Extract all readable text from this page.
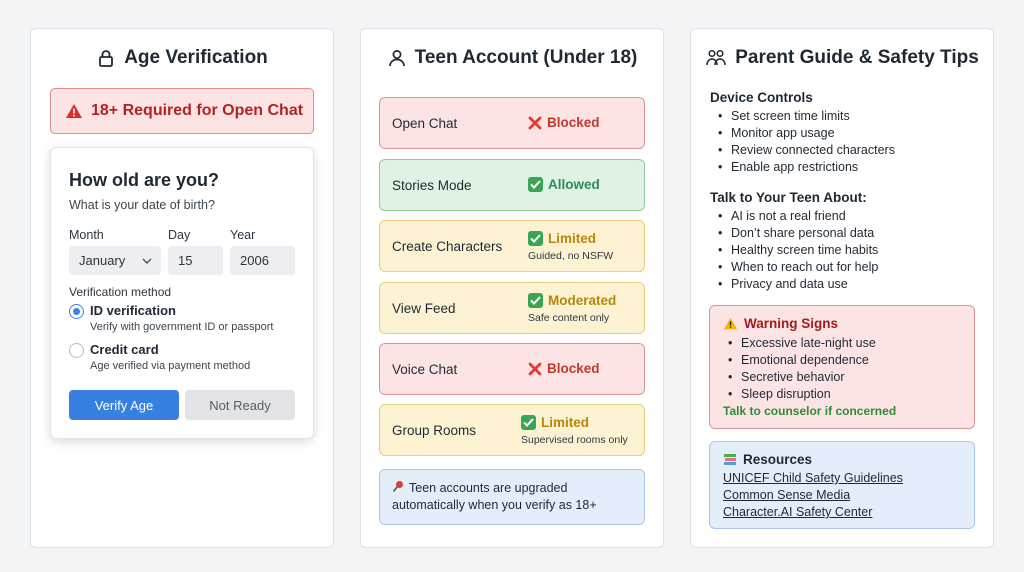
Age Verification
18+ Required for Open Chat
How old are you?
What is your date of birth?
Month	Day	Year
January	15	2006
Verification method
ID verification
Verify with government ID or passport
Credit card
Age verified via payment method
Verify Age	Not Ready
Teen Account (Under 18)
Open Chat	Blocked
Stories Mode	Allowed
Create Characters	Limited
Guided, no NSFW
View Feed	Moderated
Safe content only
Voice Chat	Blocked
Group Rooms	Limited
Supervised rooms only
Teen accounts are upgraded
automatically when you verify as 18+
Parent Guide & Safety Tips
Device Controls
• Set screen time limits
• Monitor app usage
• Review connected characters
• Enable app restrictions
Talk to Your Teen About:
• AI is not a real friend
• Don’t share personal data
• Healthy screen time habits
• When to reach out for help
• Privacy and data use
Warning Signs
• Excessive late-night use
• Emotional dependence
• Secretive behavior
• Sleep disruption
Talk to counselor if concerned
Resources
UNICEF Child Safety Guidelines
Common Sense Media
Character.AI Safety Center
